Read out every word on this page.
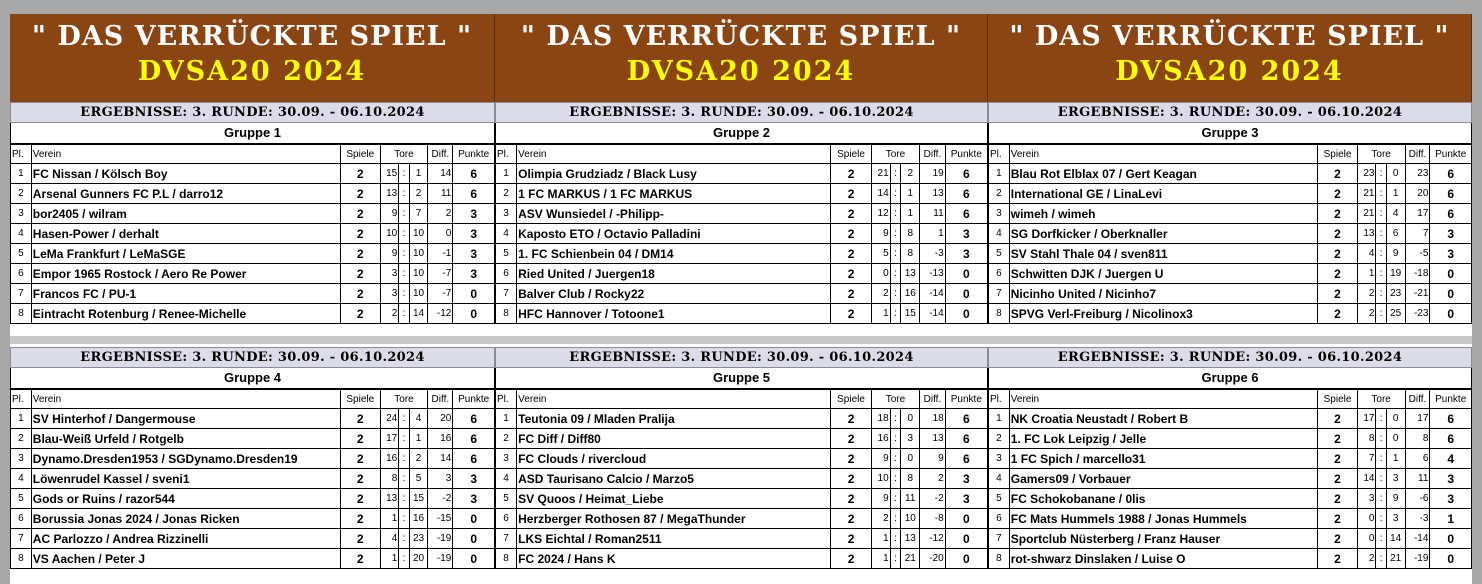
" DAS VERRÜCKTE SPIEL "
DVSA20 2024
" DAS VERRÜCKTE SPIEL "
DVSA20 2024
" DAS VERRÜCKTE SPIEL "
DVSA20 2024
ERGEBNISSE: 3. RUNDE: 30.09. - 06.10.2024
Gruppe 1
Pl.	Verein	Spiele	Tore			Diff.	Punkte
1	FC Nissan / Kölsch Boy	2	15	:	1	14	6
2	Arsenal Gunners FC P.L / darro12	2	13	:	2	11	6
3	bor2405 / wilram	2	9	:	7	2	3
4	Hasen-Power / derhalt	2	10	:	10	0	3
5	LeMa Frankfurt / LeMaSGE	2	9	:	10	-1	3
6	Empor 1965 Rostock / Aero Re Power	2	3	:	10	-7	3
7	Francos FC / PU-1	2	3	:	10	-7	0
8	Eintracht Rotenburg / Renee-Michelle	2	2	:	14	-12	0
ERGEBNISSE: 3. RUNDE: 30.09. - 06.10.2024
Gruppe 2
Pl.	Verein	Spiele	Tore			Diff.	Punkte
1	Olimpia Grudziadz / Black Lusy	2	21	:	2	19	6
2	1 FC MARKUS / 1 FC MARKUS	2	14	:	1	13	6
3	ASV Wunsiedel / -Philipp-	2	12	:	1	11	6
4	Kaposto ETO / Octavio Palladini	2	9	:	8	1	3
5	1. FC Schienbein 04 / DM14	2	5	:	8	-3	3
6	Ried United / Juergen18	2	0	:	13	-13	0
7	Balver Club / Rocky22	2	2	:	16	-14	0
8	HFC Hannover / Totoone1	2	1	:	15	-14	0
ERGEBNISSE: 3. RUNDE: 30.09. - 06.10.2024
Gruppe 3
Pl.	Verein	Spiele	Tore			Diff.	Punkte
1	Blau Rot Elblax 07 / Gert Keagan	2	23	:	0	23	6
2	International GE / LinaLevi	2	21	:	1	20	6
3	wimeh / wimeh	2	21	:	4	17	6
4	SG Dorfkicker / Oberknaller	2	13	:	6	7	3
5	SV Stahl Thale 04 / sven811	2	4	:	9	-5	3
6	Schwitten DJK / Juergen U	2	1	:	19	-18	0
7	Nicinho United / Nicinho7	2	2	:	23	-21	0
8	SPVG Verl-Freiburg / Nicolinox3	2	2	:	25	-23	0
ERGEBNISSE: 3. RUNDE: 30.09. - 06.10.2024
Gruppe 4
Pl.	Verein	Spiele	Tore			Diff.	Punkte
1	SV Hinterhof / Dangermouse	2	24	:	4	20	6
2	Blau-Weiß Urfeld / Rotgelb	2	17	:	1	16	6
3	Dynamo.Dresden1953 / SGDynamo.Dresden19	2	16	:	2	14	6
4	Löwenrudel Kassel / sveni1	2	8	:	5	3	3
5	Gods or Ruins / razor544	2	13	:	15	-2	3
6	Borussia Jonas 2024 / Jonas Ricken	2	1	:	16	-15	0
7	AC Parlozzo / Andrea Rizzinelli	2	4	:	23	-19	0
8	VS Aachen / Peter J	2	1	:	20	-19	0
ERGEBNISSE: 3. RUNDE: 30.09. - 06.10.2024
Gruppe 5
Pl.	Verein	Spiele	Tore			Diff.	Punkte
1	Teutonia 09 / Mladen Pralija	2	18	:	0	18	6
2	FC Diff / Diff80	2	16	:	3	13	6
3	FC Clouds / rivercloud	2	9	:	0	9	6
4	ASD Taurisano Calcio / Marzo5	2	10	:	8	2	3
5	SV Quoos / Heimat_Liebe	2	9	:	11	-2	3
6	Herzberger Rothosen 87 / MegaThunder	2	2	:	10	-8	0
7	LKS Eichtal / Roman2511	2	1	:	13	-12	0
8	FC 2024 / Hans K	2	1	:	21	-20	0
ERGEBNISSE: 3. RUNDE: 30.09. - 06.10.2024
Gruppe 6
Pl.	Verein	Spiele	Tore			Diff.	Punkte
1	NK Croatia Neustadt / Robert B	2	17	:	0	17	6
2	1. FC Lok Leipzig / Jelle	2	8	:	0	8	6
3	1 FC Spich / marcello31	2	7	:	1	6	4
4	Gamers09 / Vorbauer	2	14	:	3	11	3
5	FC Schokobanane / 0lis	2	3	:	9	-6	3
6	FC Mats Hummels 1988 / Jonas Hummels	2	0	:	3	-3	1
7	Sportclub Nüsterberg / Franz Hauser	2	0	:	14	-14	0
8	rot-shwarz Dinslaken / Luise O	2	2	:	21	-19	0
